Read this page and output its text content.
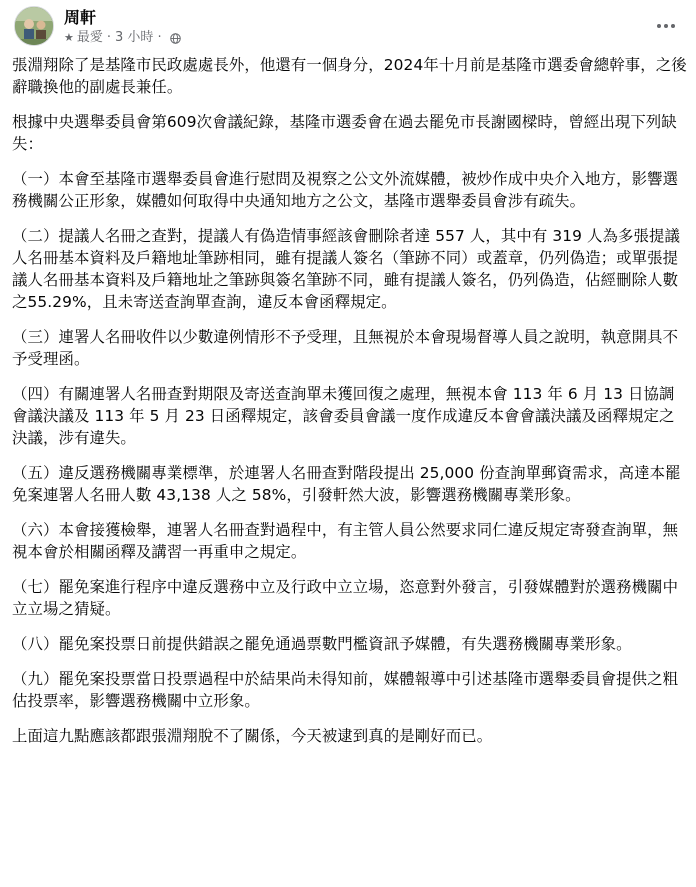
周軒
★ 最愛 · 3 小時 ·

張淵翔除了是基隆市民政處處長外，他還有一個身分，2024年十月前是基隆市選委會總幹事，之後辭職換他的副處長兼任。

根據中央選舉委員會第609次會議紀錄，基隆市選委會在過去罷免市長謝國樑時，曾經出現下列缺失：

（一）本會至基隆市選舉委員會進行慰問及視察之公文外流媒體，被炒作成中央介入地方，影響選務機關公正形象，媒體如何取得中央通知地方之公文，基隆市選舉委員會涉有疏失。

（二）提議人名冊之查對，提議人有偽造情事經該會刪除者達 557 人，其中有 319 人為多張提議人名冊基本資料及戶籍地址筆跡相同，雖有提議人簽名（筆跡不同）或蓋章，仍列偽造；或單張提議人名冊基本資料及戶籍地址之筆跡與簽名筆跡不同，雖有提議人簽名，仍列偽造，佔經刪除人數之55.29%，且未寄送查詢單查詢，違反本會函釋規定。

（三）連署人名冊收件以少數違例情形不予受理，且無視於本會現場督導人員之說明，執意開具不予受理函。

（四）有關連署人名冊查對期限及寄送查詢單未獲回復之處理，無視本會 113 年 6 月 13 日協調會議決議及 113 年 5 月 23 日函釋規定，該會委員會議一度作成違反本會會議決議及函釋規定之決議，涉有違失。

（五）違反選務機關專業標準，於連署人名冊查對階段提出 25,000 份查詢單郵資需求，高達本罷免案連署人名冊人數 43,138 人之 58%，引發軒然大波，影響選務機關專業形象。

（六）本會接獲檢舉，連署人名冊查對過程中，有主管人員公然要求同仁違反規定寄發查詢單，無視本會於相關函釋及講習一再重申之規定。

（七）罷免案進行程序中違反選務中立及行政中立立場，恣意對外發言，引發媒體對於選務機關中立立場之猜疑。

（八）罷免案投票日前提供錯誤之罷免通過票數門檻資訊予媒體，有失選務機關專業形象。

（九）罷免案投票當日投票過程中於結果尚未得知前，媒體報導中引述基隆市選舉委員會提供之粗估投票率，影響選務機關中立形象。

上面這九點應該都跟張淵翔脫不了關係，今天被逮到真的是剛好而已。
